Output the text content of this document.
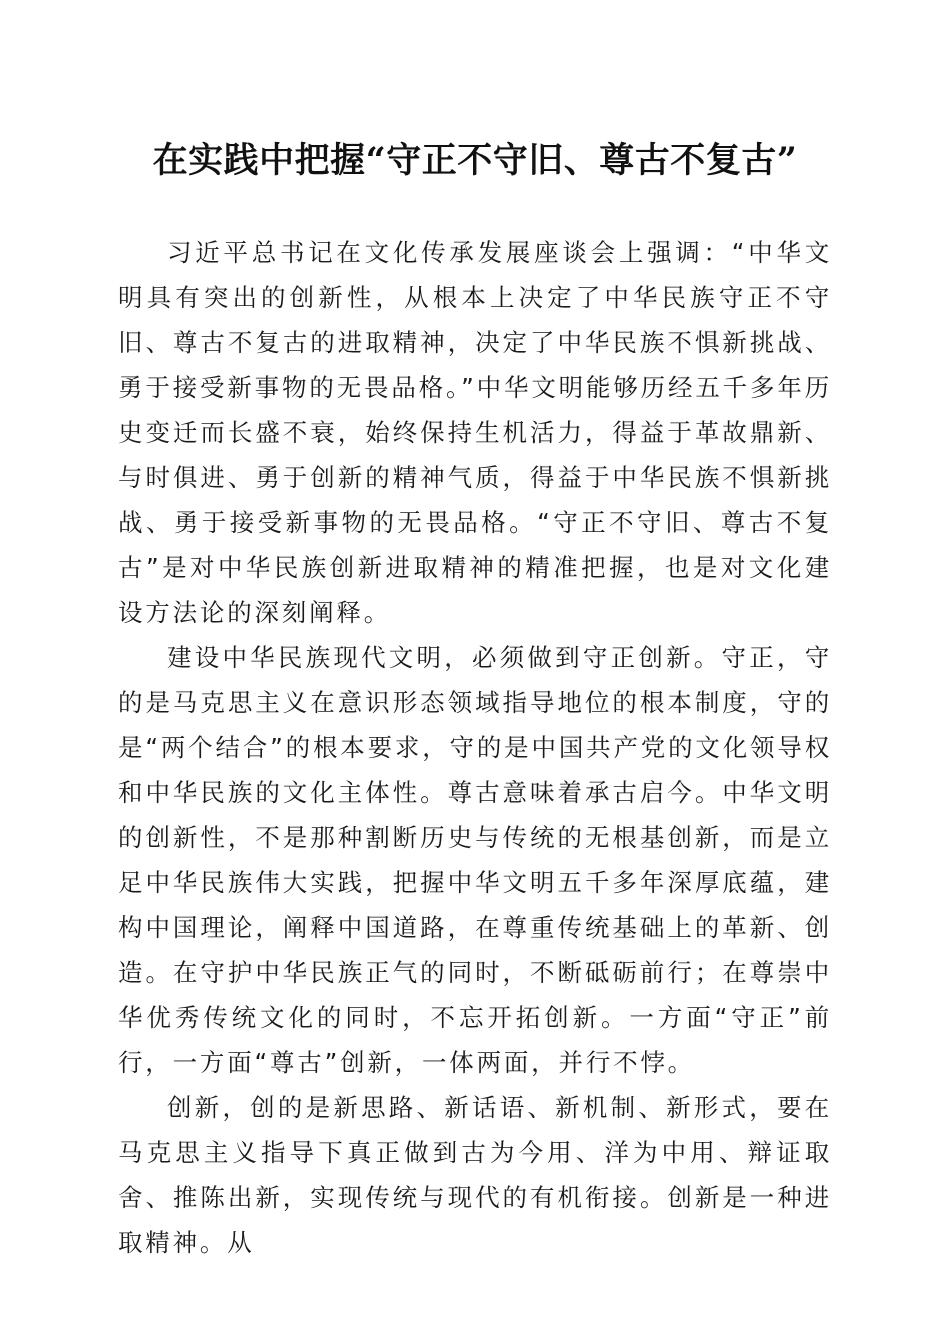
在实践中把握“守正不守旧、尊古不复古”

习近平总书记在文化传承发展座谈会上强调：“中华文明具有突出的创新性，从根本上决定了中华民族守正不守旧、尊古不复古的进取精神，决定了中华民族不惧新挑战、勇于接受新事物的无畏品格。”中华文明能够历经五千多年历史变迁而长盛不衰，始终保持生机活力，得益于革故鼎新、与时俱进、勇于创新的精神气质，得益于中华民族不惧新挑战、勇于接受新事物的无畏品格。“守正不守旧、尊古不复古”是对中华民族创新进取精神的精准把握，也是对文化建设方法论的深刻阐释。

建设中华民族现代文明，必须做到守正创新。守正，守的是马克思主义在意识形态领域指导地位的根本制度，守的是“两个结合”的根本要求，守的是中国共产党的文化领导权和中华民族的文化主体性。尊古意味着承古启今。中华文明的创新性，不是那种割断历史与传统的无根基创新，而是立足中华民族伟大实践，把握中华文明五千多年深厚底蕴，建构中国理论，阐释中国道路，在尊重传统基础上的革新、创造。在守护中华民族正气的同时，不断砥砺前行；在尊崇中华优秀传统文化的同时，不忘开拓创新。一方面“守正”前行，一方面“尊古”创新，一体两面，并行不悖。

创新，创的是新思路、新话语、新机制、新形式，要在马克思主义指导下真正做到古为今用、洋为中用、辩证取舍、推陈出新，实现传统与现代的有机衔接。创新是一种进取精神。从
